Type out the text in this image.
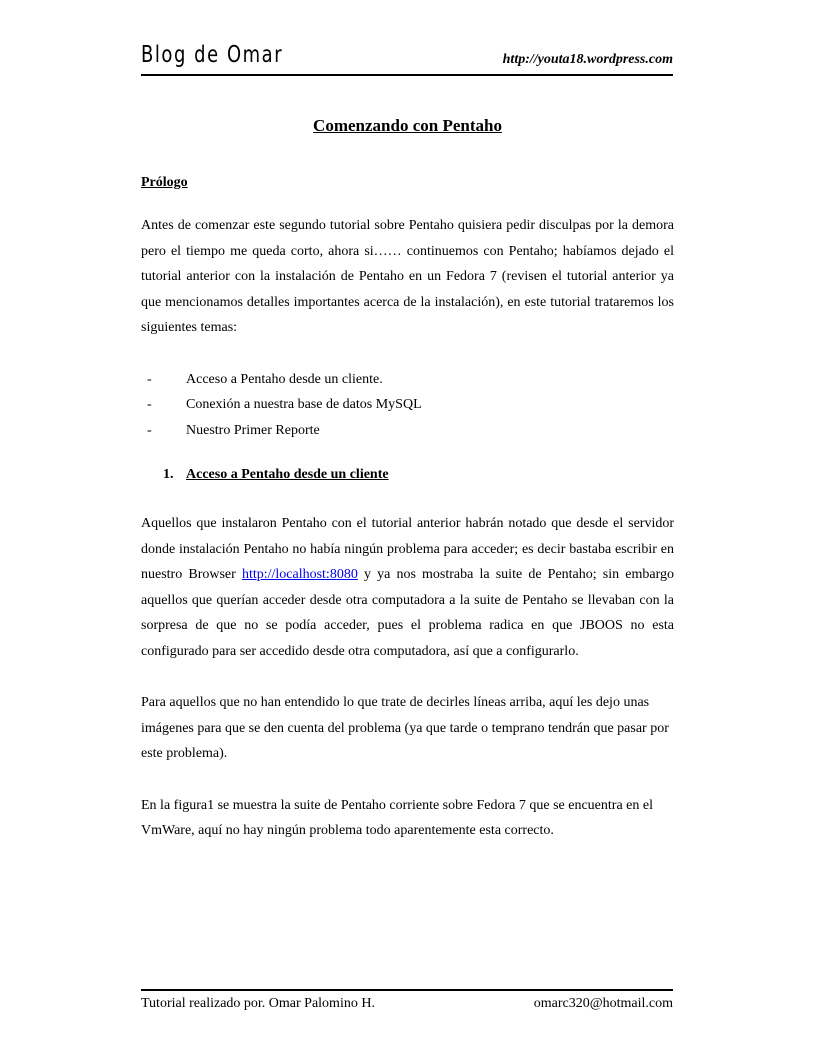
Blog de Omar	http://youta18.wordpress.com
Comenzando con Pentaho
Prólogo

Antes de comenzar este segundo tutorial sobre Pentaho quisiera pedir disculpas por la demora pero el tiempo me queda corto, ahora si…… continuemos con Pentaho; habíamos dejado el tutorial anterior con la instalación de Pentaho en un Fedora 7 (revisen el tutorial anterior ya que mencionamos detalles importantes acerca de la instalación), en este tutorial trataremos los siguientes temas:

- Acceso a Pentaho desde un cliente.
- Conexión a nuestra base de datos MySQL
- Nuestro Primer Reporte
1. Acceso a Pentaho desde un cliente

Aquellos que instalaron Pentaho con el tutorial anterior habrán notado que desde el servidor donde instalación Pentaho no había ningún problema para acceder; es decir bastaba escribir en nuestro Browser http://localhost:8080 y ya nos mostraba la suite de Pentaho; sin embargo aquellos que querían acceder desde otra computadora a la suite de Pentaho se llevaban con la sorpresa de que no se podía acceder, pues el problema radica en que JBOOS no esta configurado para ser accedido desde otra computadora, así que a configurarlo.

Para aquellos que no han entendido lo que trate de decirles líneas arriba, aquí les dejo unas imágenes para que se den cuenta del problema (ya que tarde o temprano tendrán que pasar por este problema).

En la figura1 se muestra la suite de Pentaho corriente sobre Fedora 7 que se encuentra en el VmWare, aquí no hay ningún problema todo aparentemente esta correcto.

Tutorial realizado por. Omar Palomino H.	omarc320@hotmail.com
